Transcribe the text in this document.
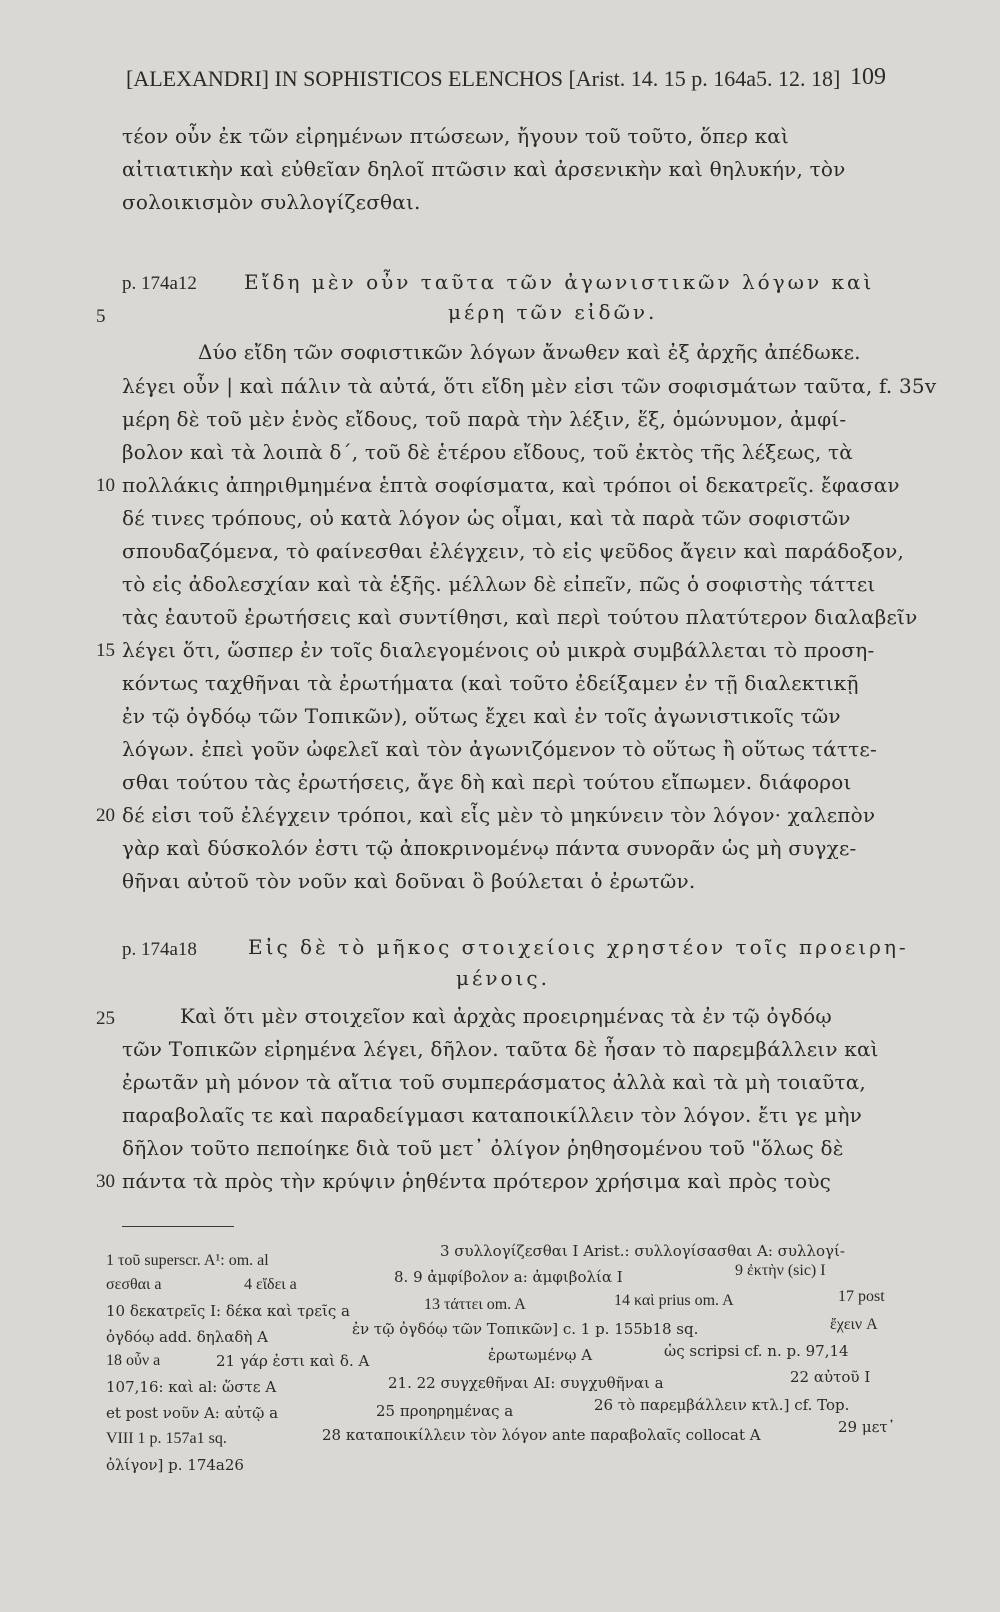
[ALEXANDRI] IN SOPHISTICOS ELENCHOS [Arist. 14. 15 p. 164a5. 12. 18] 109
τέον οὖν ἐκ τῶν εἰρημένων πτώσεων, ἤγουν τοῦ τοῦτο, ὅπερ καὶ
αἰτιατικὴν καὶ εὐθεῖαν δηλοῖ πτῶσιν καὶ ἀρσενικὴν καὶ θηλυκήν, τὸν
σολοικισμὸν συλλογίζεσθαι.
p. 174a12 Εἴδη μὲν οὖν ταῦτα τῶν ἀγωνιστικῶν λόγων καὶ
5	μέρη τῶν εἰδῶν.
Δύο εἴδη τῶν σοφιστικῶν λόγων ἄνωθεν καὶ ἐξ ἀρχῆς ἀπέδωκε.
λέγει οὖν | καὶ πάλιν τὰ αὐτά, ὅτι εἴδη μὲν εἰσι τῶν σοφισμάτων ταῦτα, f. 35v
μέρη δὲ τοῦ μὲν ἑνὸς εἴδους, τοῦ παρὰ τὴν λέξιν, ἕξ, ὁμώνυμον, ἀμφί-
βολον καὶ τὰ λοιπὰ δ΄, τοῦ δὲ ἑτέρου εἴδους, τοῦ ἐκτὸς τῆς λέξεως, τὰ
10 πολλάκις ἀπηριθμημένα ἑπτὰ σοφίσματα, καὶ τρόποι οἱ δεκατρεῖς. ἔφασαν
δέ τινες τρόπους, οὐ κατὰ λόγον ὡς οἶμαι, καὶ τὰ παρὰ τῶν σοφιστῶν
σπουδαζόμενα, τὸ φαίνεσθαι ἐλέγχειν, τὸ εἰς ψεῦδος ἄγειν καὶ παράδοξον,
τὸ εἰς ἀδολεσχίαν καὶ τὰ ἑξῆς. μέλλων δὲ εἰπεῖν, πῶς ὁ σοφιστὴς τάττει
τὰς ἑαυτοῦ ἐρωτήσεις καὶ συντίθησι, καὶ περὶ τούτου πλατύτερον διαλαβεῖν
15 λέγει ὅτι, ὥσπερ ἐν τοῖς διαλεγομένοις οὐ μικρὰ συμβάλλεται τὸ προση-
κόντως ταχθῆναι τὰ ἐρωτήματα (καὶ τοῦτο ἐδείξαμεν ἐν τῇ διαλεκτικῇ
ἐν τῷ ὀγδόῳ τῶν Τοπικῶν), οὕτως ἔχει καὶ ἐν τοῖς ἀγωνιστικοῖς τῶν
λόγων. ἐπεὶ γοῦν ὠφελεῖ καὶ τὸν ἀγωνιζόμενον τὸ οὕτως ἢ οὕτως τάττε-
σθαι τούτου τὰς ἐρωτήσεις, ἄγε δὴ καὶ περὶ τούτου εἴπωμεν. διάφοροι
20 δέ εἰσι τοῦ ἐλέγχειν τρόποι, καὶ εἷς μὲν τὸ μηκύνειν τὸν λόγον· χαλεπὸν
γὰρ καὶ δύσκολόν ἐστι τῷ ἀποκρινομένῳ πάντα συνορᾶν ὡς μὴ συγχε-
θῆναι αὐτοῦ τὸν νοῦν καὶ δοῦναι ὃ βούλεται ὁ ἐρωτῶν.
p. 174a18	Εἰς δὲ τὸ μῆκος στοιχείοις χρηστέον τοῖς προειρη-
μένοις.
25	Καὶ ὅτι μὲν στοιχεῖον καὶ ἀρχὰς προειρημένας τὰ ἐν τῷ ὀγδόῳ
τῶν Τοπικῶν εἰρημένα λέγει, δῆλον. ταῦτα δὲ ἦσαν τὸ παρεμβάλλειν καὶ
ἐρωτᾶν μὴ μόνον τὰ αἴτια τοῦ συμπεράσματος ἀλλὰ καὶ τὰ μὴ τοιαῦτα,
παραβολαῖς τε καὶ παραδείγμασι καταποικίλλειν τὸν λόγον. ἔτι γε μὴν
δῆλον τοῦτο πεποίηκε διὰ τοῦ μετ᾽ ὀλίγον ῥηθησομένου τοῦ "ὅλως δὲ
30 πάντα τὰ πρὸς τὴν κρύψιν ῥηθέντα πρότερον χρήσιμα καὶ πρὸς τοὺς
1 τοῦ superscr. A¹: om. al
3 συλλογίζεσθαι I Arist.: συλλογίσασθαι A: συλλογί-
σεσθαι a	4 εἴδει a	8. 9 ἀμφίβολον a: ἀμφιβολία I	9 ἐκτὴν (sic) I
10 δεκατρεῖς I: δέκα καὶ τρεῖς a	13 τάττει om. A	14 καὶ prius om. A	17 post
ὀγδόῳ add. δηλαδὴ A	ἐν τῷ ὀγδόῳ τῶν Τοπικῶν] c. 1 p. 155b18 sq.	ἔχειν A
18 οὖν a	21 γάρ ἐστι καὶ δ. A	ἐρωτωμένῳ A	ὡς scripsi cf. n. p. 97,14
107,16: καὶ al: ὥστε A	21. 22 συγχεθῆναι AI: συγχυθῆναι a	22 αὐτοῦ I
et post νοῦν A: αὐτῷ a	25 προηρημένας a	26 τὸ παρεμβάλλειν κτλ.] cf. Top.
VIII 1 p. 157a1 sq.	28 καταποικίλλειν τὸν λόγον ante παραβολαῖς collocat A	29 μετ᾽
ὀλίγον] p. 174a26
